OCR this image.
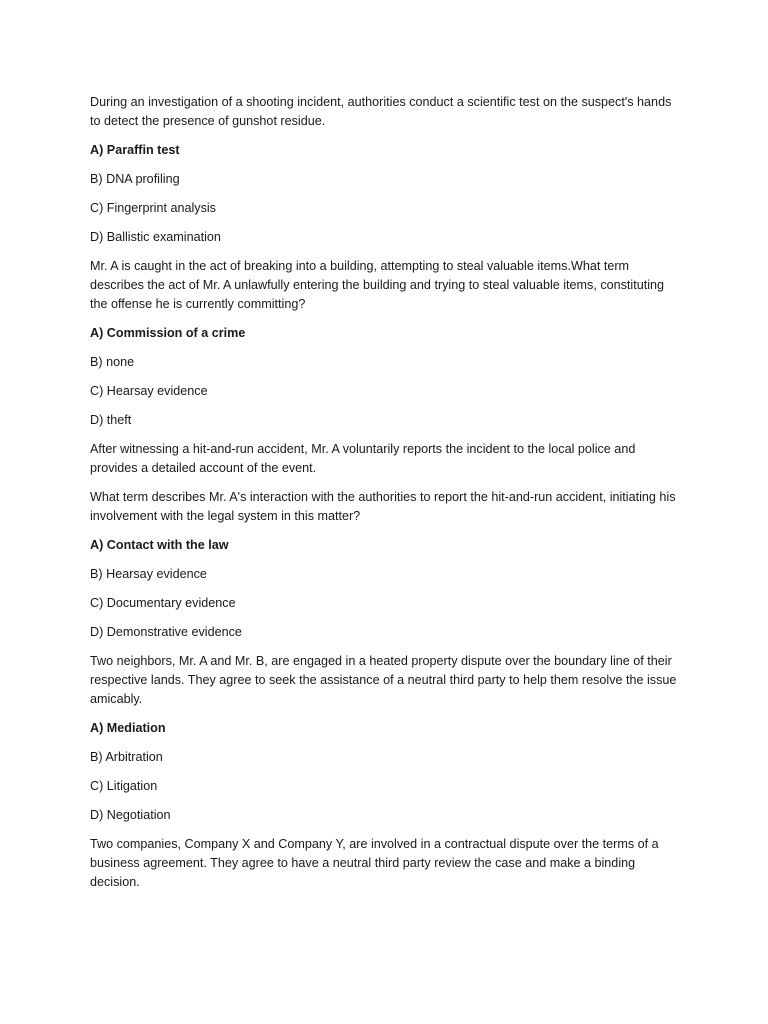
During an investigation of a shooting incident, authorities conduct a scientific test on the suspect's hands to detect the presence of gunshot residue.

A) Paraffin test

B) DNA profiling

C) Fingerprint analysis

D) Ballistic examination

Mr. A is caught in the act of breaking into a building, attempting to steal valuable items.What term describes the act of Mr. A unlawfully entering the building and trying to steal valuable items, constituting the offense he is currently committing?

A) Commission of a crime

B) none

C) Hearsay evidence

D) theft

After witnessing a hit-and-run accident, Mr. A voluntarily reports the incident to the local police and provides a detailed account of the event.

What term describes Mr. A's interaction with the authorities to report the hit-and-run accident, initiating his involvement with the legal system in this matter?

A) Contact with the law

B) Hearsay evidence

C) Documentary evidence

D) Demonstrative evidence

Two neighbors, Mr. A and Mr. B, are engaged in a heated property dispute over the boundary line of their respective lands. They agree to seek the assistance of a neutral third party to help them resolve the issue amicably.

A) Mediation

B) Arbitration

C) Litigation

D) Negotiation

Two companies, Company X and Company Y, are involved in a contractual dispute over the terms of a business agreement. They agree to have a neutral third party review the case and make a binding decision.
